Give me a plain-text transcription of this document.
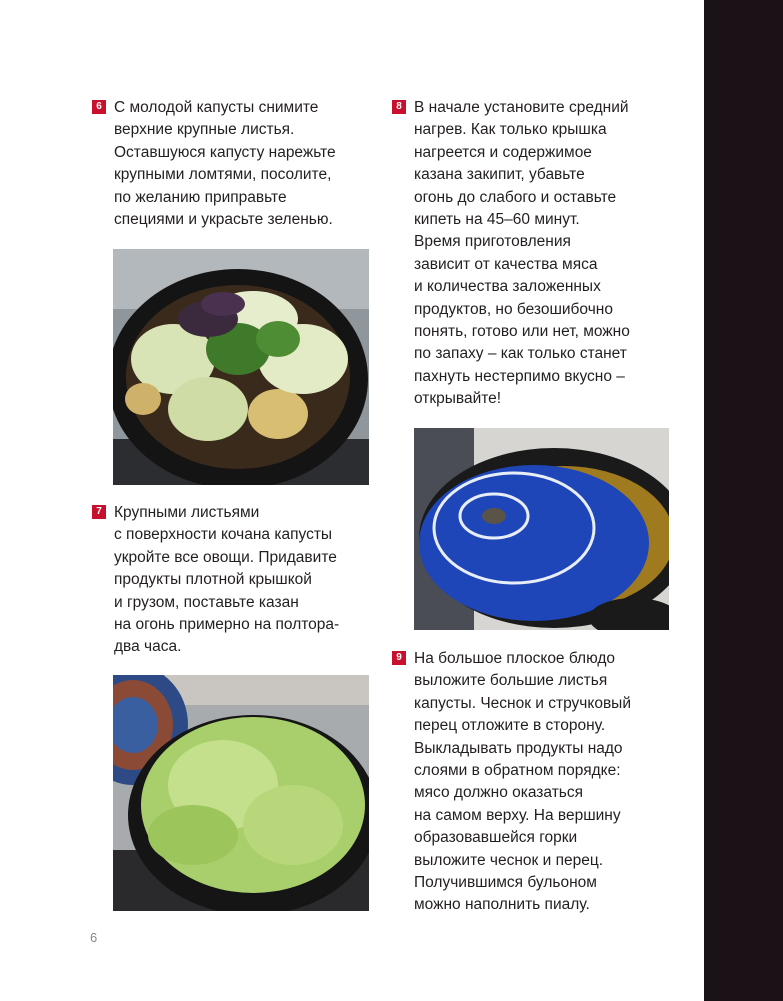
6 С молодой капусты снимите
верхние крупные листья.
Оставшуюся капусту нарежьте
крупными ломтями, посолите,
по желанию приправьте
специями и украсьте зеленью.
7 Крупными листьями
с поверхности кочана капусты
укройте все овощи. Придавите
продукты плотной крышкой
и грузом, поставьте казан
на огонь примерно на полтора-
два часа.
8 В начале установите средний
нагрев. Как только крышка
нагреется и содержимое
казана закипит, убавьте
огонь до слабого и оставьте
кипеть на 45–60 минут.
Время приготовления
зависит от качества мяса
и количества заложенных
продуктов, но безошибочно
понять, готово или нет, можно
по запаху – как только станет
пахнуть нестерпимо вкусно –
открывайте!
9 На большое плоское блюдо
выложите большие листья
капусты. Чеснок и стручковый
перец отложите в сторону.
Выкладывать продукты надо
слоями в обратном порядке:
мясо должно оказаться
на самом верху. На вершину
образовавшейся горки
выложите чеснок и перец.
Получившимся бульоном
можно наполнить пиалу.
6
